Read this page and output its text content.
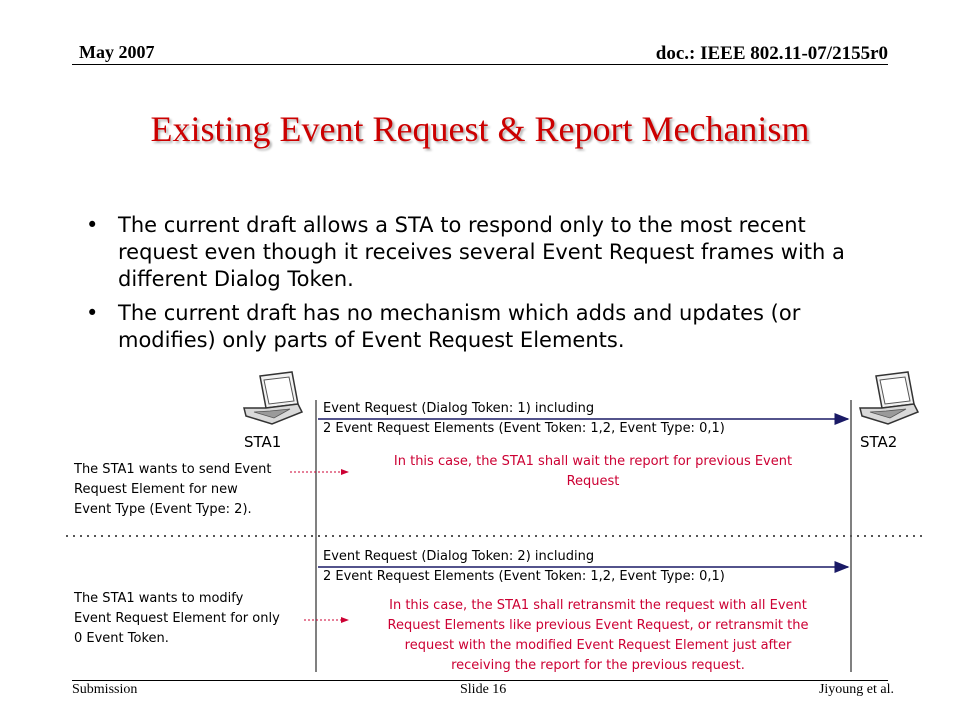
May 2007	doc.: IEEE 802.11-07/2155r0
Existing Event Request & Report Mechanism
• The current draft allows a STA to respond only to the most recent request even though it receives several Event Request frames with a different Dialog Token.
• The current draft has no mechanism which adds and updates (or modifies) only parts of Event Request Elements.
STA1	STA2
Event Request (Dialog Token: 1) including
2 Event Request Elements (Event Token: 1,2, Event Type: 0,1)
The STA1 wants to send Event
Request Element for new
Event Type (Event Type: 2).
In this case, the STA1 shall wait the report for previous Event
Request
Event Request (Dialog Token: 2) including
2 Event Request Elements (Event Token: 1,2, Event Type: 0,1)
The STA1 wants to modify
Event Request Element for only
0 Event Token.
In this case, the STA1 shall retransmit the request with all Event
Request Elements like previous Event Request, or retransmit the
request with the modified Event Request Element just after
receiving the report for the previous request.
Submission	Slide 16	Jiyoung et al.
